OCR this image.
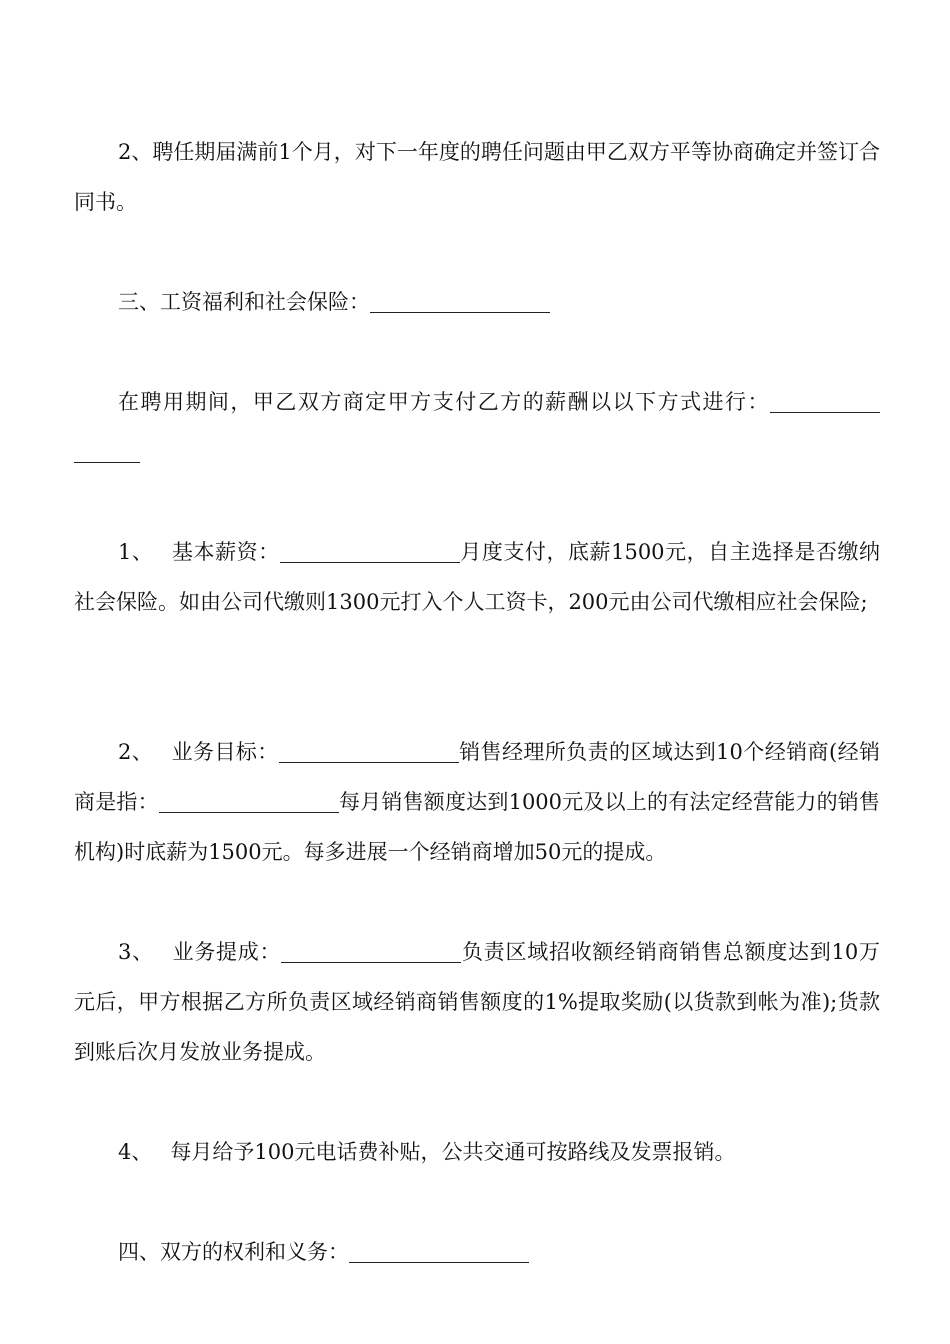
2、聘任期届满前1个月，对下一年度的聘任问题由甲乙双方平等协商确定并签订合同书。

三、工资福利和社会保险：

在聘用期间，甲乙双方商定甲方支付乙方的薪酬以以下方式进行：

1、 基本薪资：	月度支付，底薪1500元，自主选择是否缴纳社会保险。如由公司代缴则1300元打入个人工资卡，200元由公司代缴相应社会保险;

2、 业务目标：	销售经理所负责的区域达到10个经销商(经销商是指：	每月销售额度达到1000元及以上的有法定经营能力的销售机构)时底薪为1500元。每多进展一个经销商增加50元的提成。

3、 业务提成：	负责区域招收额经销商销售总额度达到10万元后，甲方根据乙方所负责区域经销商销售额度的1%提取奖励(以货款到帐为准);货款到账后次月发放业务提成。

4、 每月给予100元电话费补贴，公共交通可按路线及发票报销。

四、双方的权利和义务：
